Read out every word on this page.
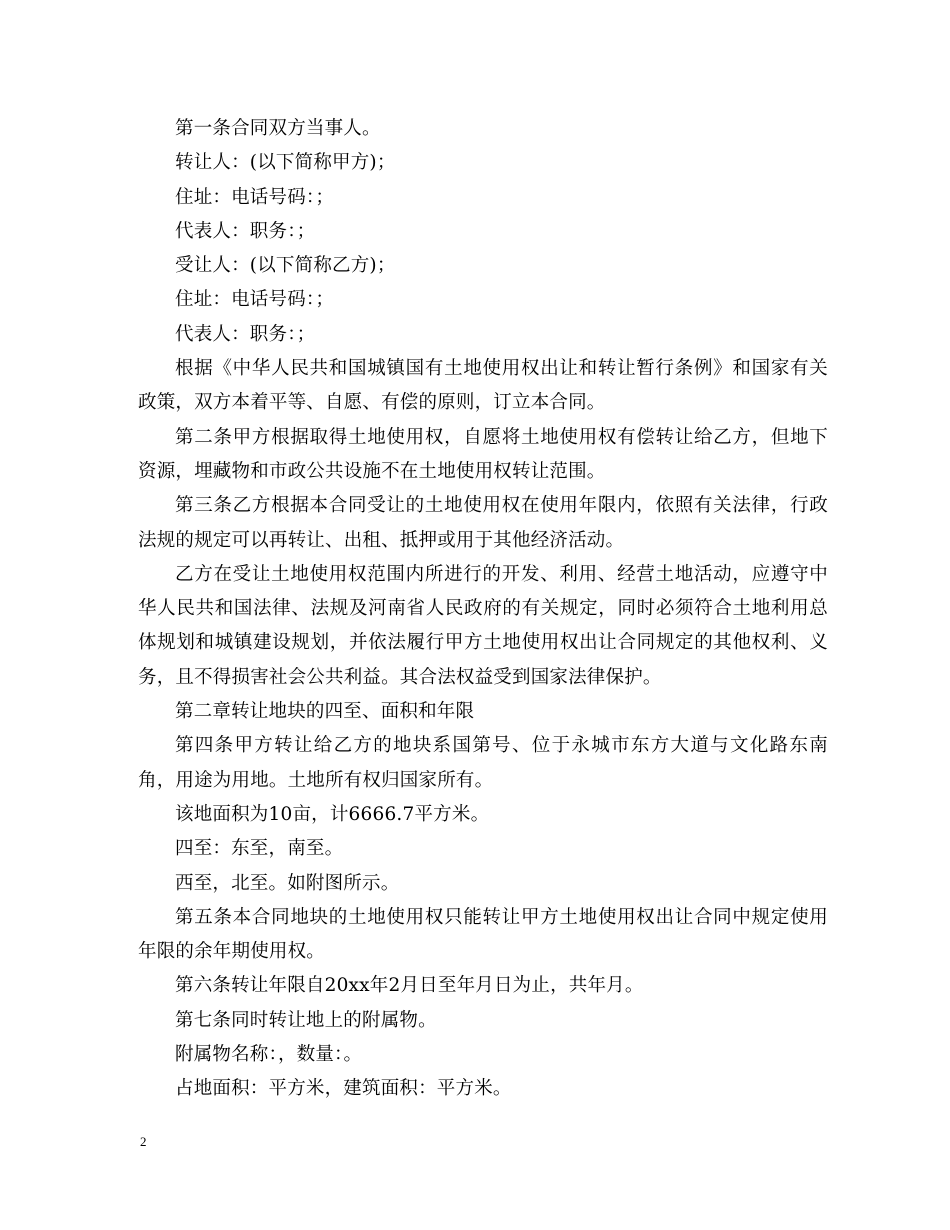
第一条合同双方当事人。

转让人：(以下简称甲方)；

住址：电话号码：；

代表人：职务：；

受让人：(以下简称乙方)；

住址：电话号码：；

代表人：职务：；

根据《中华人民共和国城镇国有土地使用权出让和转让暂行条例》和国家有关政策，双方本着平等、自愿、有偿的原则，订立本合同。

第二条甲方根据取得土地使用权，自愿将土地使用权有偿转让给乙方，但地下资源，埋藏物和市政公共设施不在土地使用权转让范围。

第三条乙方根据本合同受让的土地使用权在使用年限内，依照有关法律，行政法规的规定可以再转让、出租、抵押或用于其他经济活动。

乙方在受让土地使用权范围内所进行的开发、利用、经营土地活动，应遵守中华人民共和国法律、法规及河南省人民政府的有关规定，同时必须符合土地利用总体规划和城镇建设规划，并依法履行甲方土地使用权出让合同规定的其他权利、义务，且不得损害社会公共利益。其合法权益受到国家法律保护。

第二章转让地块的四至、面积和年限

第四条甲方转让给乙方的地块系国第号、位于永城市东方大道与文化路东南角，用途为用地。土地所有权归国家所有。

该地面积为10亩，计6666.7平方米。

四至：东至，南至。

西至，北至。如附图所示。

第五条本合同地块的土地使用权只能转让甲方土地使用权出让合同中规定使用年限的余年期使用权。

第六条转让年限自20xx年2月日至年月日为止，共年月。

第七条同时转让地上的附属物。

附属物名称：，数量：。

占地面积：平方米，建筑面积：平方米。

2
